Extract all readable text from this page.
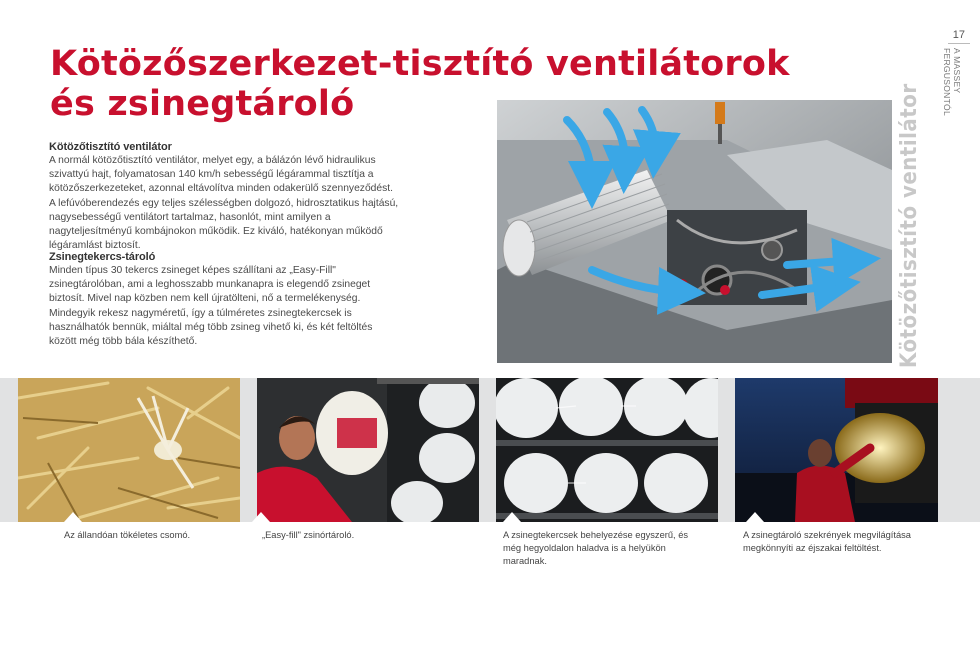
Kötözőszerkezet-tisztító ventilátorok
és zsinegtároló
17
A MASSEY FERGUSONTÓL
Kötözőtisztító ventilátor

A normál kötözőtisztító ventilátor, melyet egy, a bálázón lévő hidraulikus szivattyú hajt, folyamatosan 140 km/h sebességű légárammal tisztítja a kötözőszerkezeteket, azonnal eltávolítva minden odakerülő szennyeződést. A lefúvóberendezés egy teljes szélességben dolgozó, hidrosztatikus hajtású, nagysebességű ventilátort tartalmaz, hasonlót, mint amilyen a nagyteljesítményű kombájnokon működik. Ez kiváló, hatékonyan működő légáramlást biztosít.

Zsinegtekercs-tároló

Minden típus 30 tekercs zsineget képes szállítani az „Easy-Fill" zsinegtárolóban, ami a leghosszabb munkanapra is elegendő zsineget biztosít. Mivel nap közben nem kell újratölteni, nő a termelékenység. Mindegyik rekesz nagyméretű, így a túlméretes zsinegtekercsek is használhatók bennük, miáltal még több zsineg vihető ki, és két feltöltés között még több bála készíthető.	Kötözőtisztító ventilátor

Az állandóan tökéletes csomó.	„Easy-fill" zsinórtároló.	A zsinegtekercsek behelyezése egyszerű, és még hegyoldalon haladva is a helyükön maradnak.

A zsinegtároló szekrények megvilágítása megkönnyíti az éjszakai feltöltést.
